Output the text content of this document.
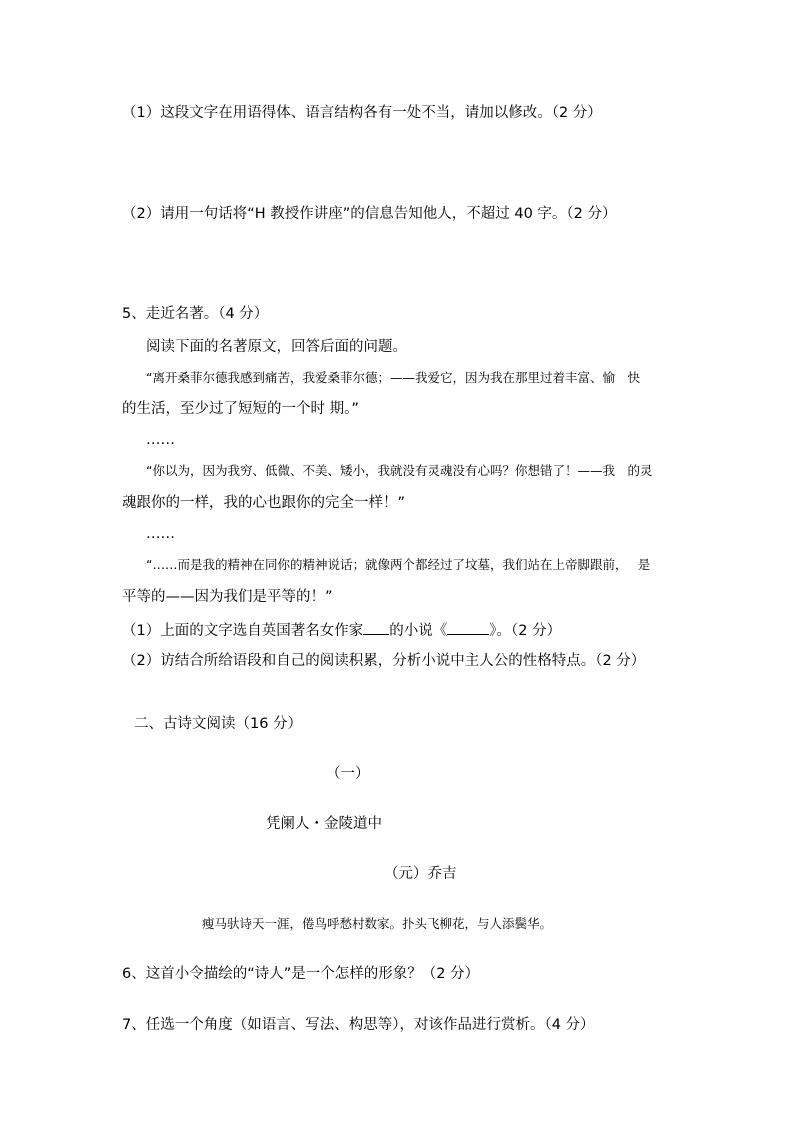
（1）这段文字在用语得体、语言结构各有一处不当，请加以修改。（2 分）
（2）请用一句话将“H 教授作讲座”的信息告知他人，不超过 40 字。（2 分）
5、走近名著。（4 分）
阅读下面的名著原文，回答后面的问题。
“离开桑菲尔德我感到痛苦，我爱桑菲尔德；——我爱它，因为我在那里过着丰富、愉　快
的生活，至少过了短短的一个时 期。”
……
“你以为，因为我穷、低微、不美、矮小，我就没有灵魂没有心吗？你想错了！——我　的灵
魂跟你的一样，我的心也跟你的完全一样！”
……
“……而是我的精神在同你的精神说话；就像两个都经过了坟墓，我们站在上帝脚跟前，　 是
平等的——因为我们是平等的！”
（1）上面的文字选自英国著名女作家 的小说《	》。（2 分）
（2）访结合所给语段和自己的阅读积累，分析小说中主人公的性格特点。（2 分）
二、古诗文阅读（16 分）
（一）
凭阑人・金陵道中
（元）乔吉
瘦马驮诗天一涯，倦鸟呼愁村数家。扑头飞柳花，与人添鬓华。
6、这首小令描绘的“诗人”是一个怎样的形象？（2 分）
7、任选一个角度（如语言、写法、构思等），对该作品进行赏析。（4 分）
